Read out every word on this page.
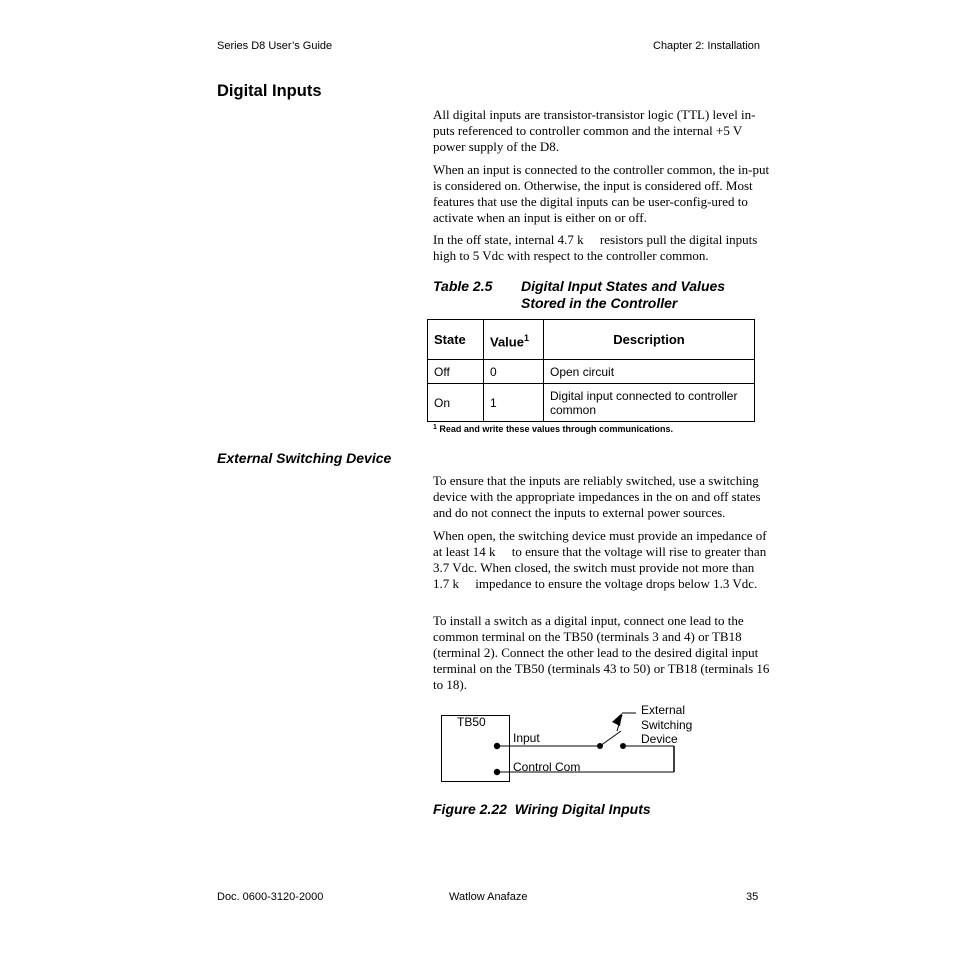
Series D8 User’s Guide	Chapter 2: Installation
Digital Inputs

All digital inputs are transistor-transistor logic (TTL) level in-puts referenced to controller common and the internal +5 V power supply of the D8.

When an input is connected to the controller common, the in-put is considered on. Otherwise, the input is considered off. Most features that use the digital inputs can be user-config-ured to activate when an input is either on or off.

In the off state, internal 4.7 k  resistors pull the digital inputs high to 5 Vdc with respect to the controller common.

Table 2.5 Digital Input States and Values
Stored in the Controller
State	Value$^1$	Description
Off	0	Open circuit
On	1	Digital input connected to controller common
$^1$ Read and write these values through communications.
External Switching Device

To ensure that the inputs are reliably switched, use a switching device with the appropriate impedances in the on and off states and do not connect the inputs to external power sources.

When open, the switching device must provide an impedance of at least 14 k  to ensure that the voltage will rise to greater than 3.7 Vdc. When closed, the switch must provide not more than 1.7 k  impedance to ensure the voltage drops below 1.3 Vdc.

To install a switch as a digital input, connect one lead to the common terminal on the TB50 (terminals 3 and 4) or TB18 (terminal 2). Connect the other lead to the desired digital input terminal on the TB50 (terminals 43 to 50) or TB18 (terminals 16 to 18).

TB50
Input
Control Com
External
Switching
Device
Figure 2.22 Wiring Digital Inputs
Doc. 0600-3120-2000	Watlow Anafaze	35
